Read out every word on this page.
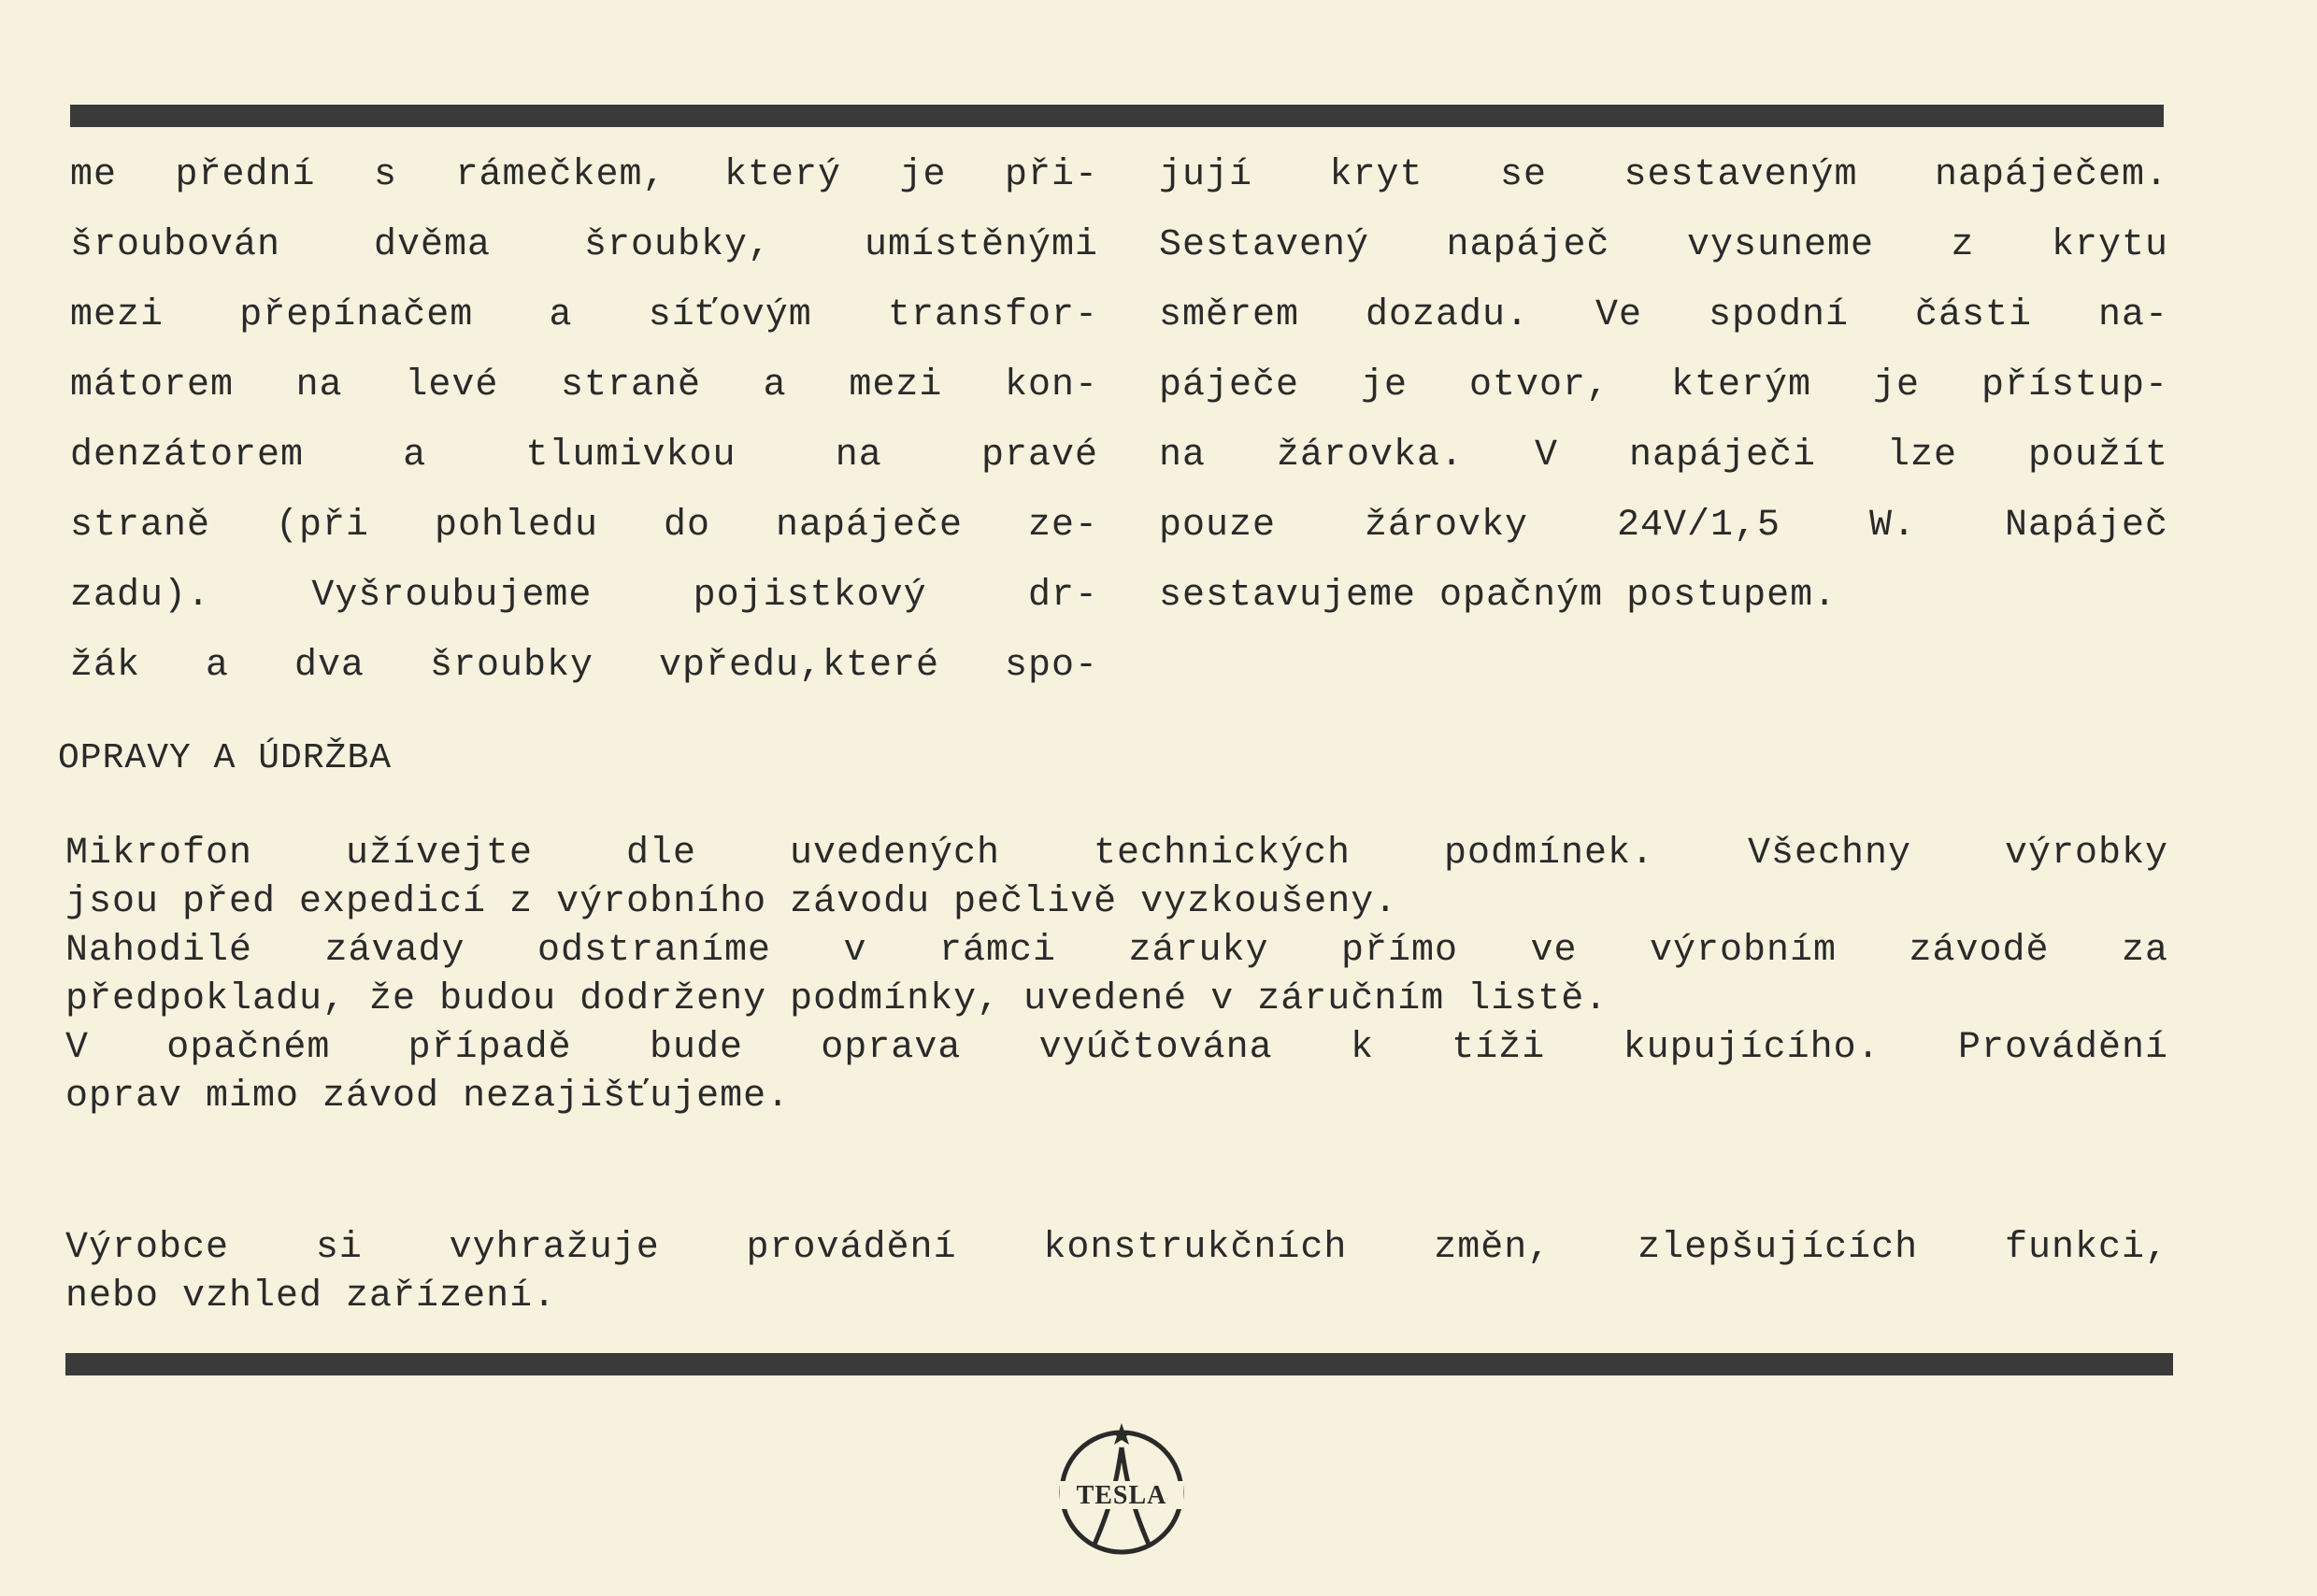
me přední s rámečkem, který je při-
šroubován dvěma šroubky, umístěnými
mezi přepínačem a síťovým transfor-
mátorem na levé straně a mezi kon-
denzátorem a tlumivkou na pravé
straně (při pohledu do napáječe ze-
zadu). Vyšroubujeme pojistkový dr-
žák a dva šroubky vpředu,které spo-
jují kryt se sestaveným napáječem.
Sestavený napáječ vysuneme z krytu
směrem dozadu. Ve spodní části na-
páječe je otvor, kterým je přístup-
na žárovka. V napáječi lze použít
pouze žárovky 24V/1,5 W. Napáječ
sestavujeme opačným postupem.
OPRAVY A ÚDRŽBA
Mikrofon užívejte dle uvedených technických podmínek. Všechny výrobky
jsou před expedicí z výrobního závodu pečlivě vyzkoušeny.
Nahodilé závady odstraníme v rámci záruky přímo ve výrobním závodě za
předpokladu, že budou dodrženy podmínky, uvedené v záručním listě.
V opačném případě bude oprava vyúčtována k tíži kupujícího. Provádění
oprav mimo závod nezajišťujeme.
Výrobce si vyhražuje provádění konstrukčních změn, zlepšujících funkci,
nebo vzhled zařízení.
TESLA
